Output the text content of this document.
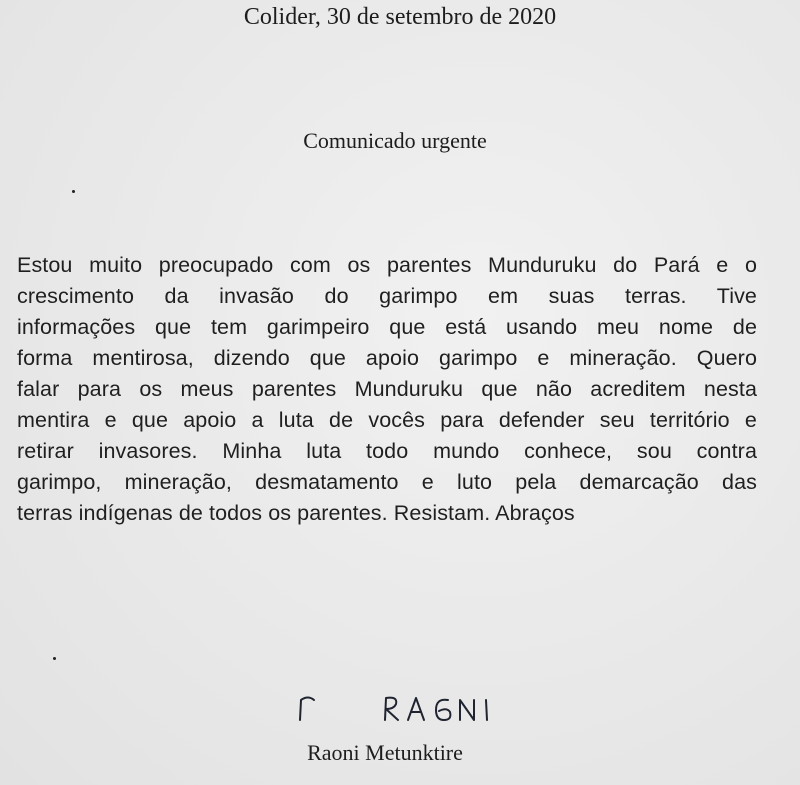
Colider, 30 de setembro de 2020
Comunicado urgente
Estou muito preocupado com os parentes Munduruku do Pará e o
crescimento da invasão do garimpo em suas terras. Tive
informações que tem garimpeiro que está usando meu nome de
forma mentirosa, dizendo que apoio garimpo e mineração. Quero
falar para os meus parentes Munduruku que não acreditem nesta
mentira e que apoio a luta de vocês para defender seu território e
retirar invasores. Minha luta todo mundo conhece, sou contra
garimpo, mineração, desmatamento e luto pela demarcação das
terras indígenas de todos os parentes. Resistam. Abraços
Raoni Metunktire
